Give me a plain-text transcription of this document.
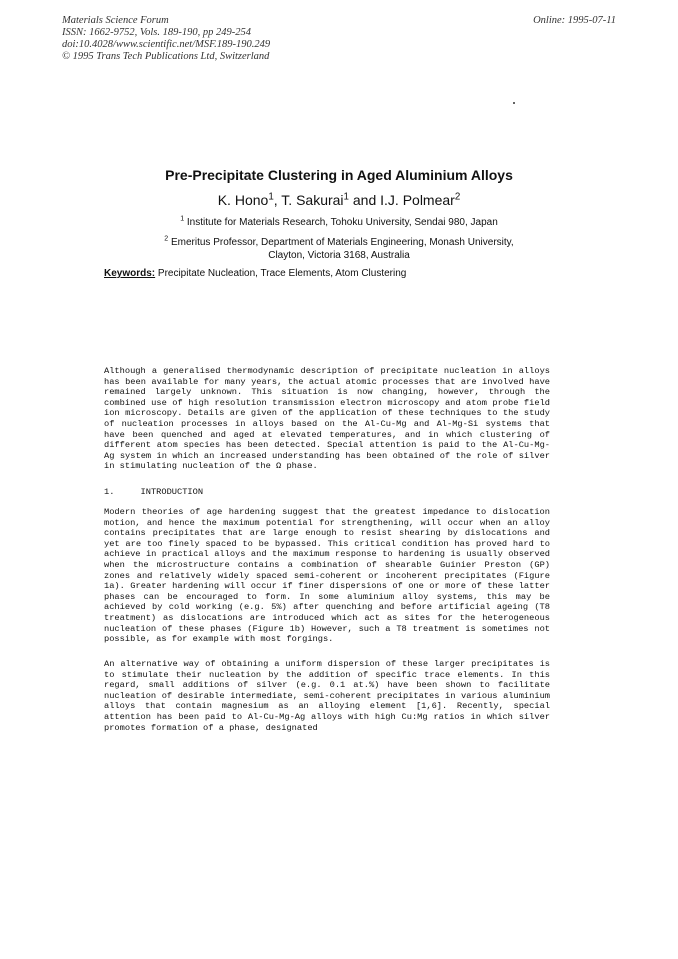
Materials Science Forum
ISSN: 1662-9752, Vols. 189-190, pp 249-254
doi:10.4028/www.scientific.net/MSF.189-190.249
© 1995 Trans Tech Publications Ltd, Switzerland
Online: 1995-07-11
Pre-Precipitate Clustering in Aged Aluminium Alloys
K. Hono$^1$, T. Sakurai$^1$ and I.J. Polmear$^2$
$^1$ Institute for Materials Research, Tohoku University, Sendai 980, Japan
$^2$ Emeritus Professor, Department of Materials Engineering, Monash University,
Clayton, Victoria 3168, Australia
Keywords: Precipitate Nucleation, Trace Elements, Atom Clustering
Although a generalised thermodynamic description of precipitate nucleation in alloys has been available for many years, the actual atomic processes that are involved have remained largely unknown. This situation is now changing, however, through the combined use of high resolution transmission electron microscopy and atom probe field ion microscopy. Details are given of the application of these techniques to the study of nucleation processes in alloys based on the Al-Cu-Mg and Al-Mg-Si systems that have been quenched and aged at elevated temperatures, and in which clustering of different atom species has been detected. Special attention is paid to the Al-Cu-Mg-Ag system in which an increased understanding has been obtained of the role of silver in stimulating nucleation of the Ω phase.
1.	INTRODUCTION
Modern theories of age hardening suggest that the greatest impedance to dislocation motion, and hence the maximum potential for strengthening, will occur when an alloy contains precipitates that are large enough to resist shearing by dislocations and yet are too finely spaced to be bypassed. This critical condition has proved hard to achieve in practical alloys and the maximum response to hardening is usually observed when the microstructure contains a combination of shearable Guinier Preston (GP) zones and relatively widely spaced semi-coherent or incoherent precipitates (Figure 1a). Greater hardening will occur if finer dispersions of one or more of these latter phases can be encouraged to form. In some aluminium alloy systems, this may be achieved by cold working (e.g. 5%) after quenching and before artificial ageing (T8 treatment) as dislocations are introduced which act as sites for the heterogeneous nucleation of these phases (Figure 1b) However, such a T8 treatment is sometimes not possible, as for example with most forgings.
An alternative way of obtaining a uniform dispersion of these larger precipitates is to stimulate their nucleation by the addition of specific trace elements. In this regard, small additions of silver (e.g. 0.1 at.%) have been shown to facilitate nucleation of desirable intermediate, semi-coherent precipitates in various aluminium alloys that contain magnesium as an alloying element [1,6]. Recently, special attention has been paid to Al-Cu-Mg-Ag alloys with high Cu:Mg ratios in which silver promotes formation of a phase, designated
